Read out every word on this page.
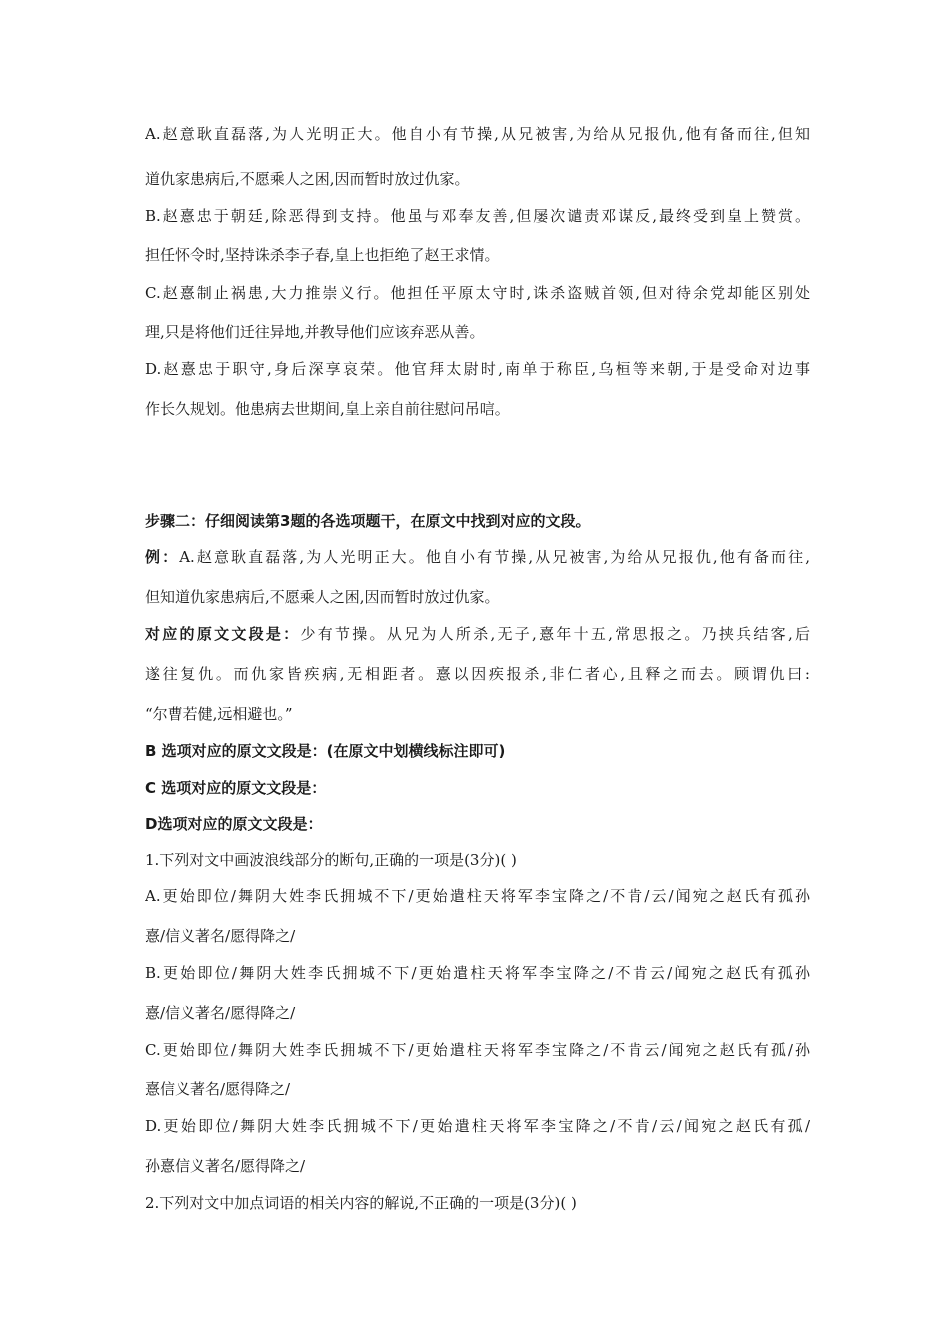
A.赵意耿直磊落,为人光明正大。他自小有节操,从兄被害,为给从兄报仇,他有备而往,但知
道仇家患病后,不愿乘人之困,因而暂时放过仇家。
B.赵憙忠于朝廷,除恶得到支持。他虽与邓奉友善,但屡次谴责邓谋反,最终受到皇上赞赏。
担任怀令时,坚持诛杀李子春,皇上也拒绝了赵王求情。
C.赵憙制止祸患,大力推崇义行。他担任平原太守时,诛杀盗贼首领,但对待余党却能区别处
理,只是将他们迁往异地,并教导他们应该弃恶从善。
D.赵憙忠于职守,身后深享哀荣。他官拜太尉时,南单于称臣,乌桓等来朝,于是受命对边事
作长久规划。他患病去世期间,皇上亲自前往慰问吊唁。
步骤二：仔细阅读第3题的各选项题干，在原文中找到对应的文段。
例：A.赵意耿直磊落,为人光明正大。他自小有节操,从兄被害,为给从兄报仇,他有备而往,
但知道仇家患病后,不愿乘人之困,因而暂时放过仇家。
对应的原文文段是：少有节操。从兄为人所杀,无子,憙年十五,常思报之。乃挟兵结客,后
遂往复仇。而仇家皆疾病,无相距者。憙以因疾报杀,非仁者心,且释之而去。顾谓仇曰:
“尔曹若健,远相避也。”
B 选项对应的原文文段是：(在原文中划横线标注即可)
C 选项对应的原文文段是：
D选项对应的原文文段是：
1.下列对文中画波浪线部分的断句,正确的一项是(3分)( )
A.更始即位/舞阴大姓李氏拥城不下/更始遣柱天将军李宝降之/不肯/云/闻宛之赵氏有孤孙
憙/信义著名/愿得降之/
B.更始即位/舞阴大姓李氏拥城不下/更始遣柱天将军李宝降之/不肯云/闻宛之赵氏有孤孙
憙/信义著名/愿得降之/
C.更始即位/舞阴大姓李氏拥城不下/更始遣柱天将军李宝降之/不肯云/闻宛之赵氏有孤/孙
憙信义著名/愿得降之/
D.更始即位/舞阴大姓李氏拥城不下/更始遣柱天将军李宝降之/不肯/云/闻宛之赵氏有孤/
孙憙信义著名/愿得降之/
2.下列对文中加点词语的相关内容的解说,不正确的一项是(3分)( )
